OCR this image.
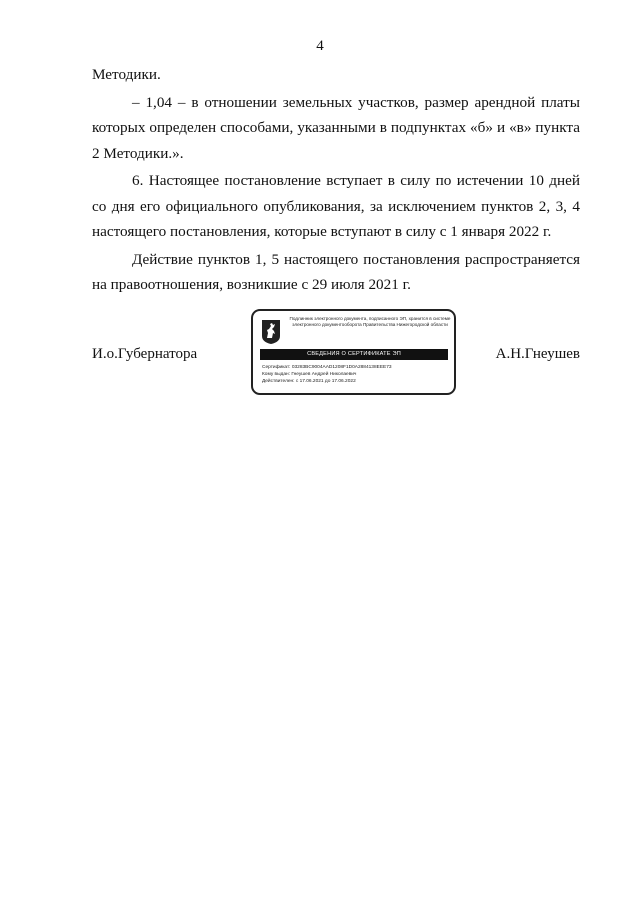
4

Методики.

– 1,04 – в отношении земельных участков, размер арендной платы которых определен способами, указанными в подпунктах «б» и «в» пункта 2 Методики.».

6. Настоящее постановление вступает в силу по истечении 10 дней со дня его официального опубликования, за исключением пунктов 2, 3, 4 настоящего постановления, которые вступают в силу с 1 января 2022 г.

Действие пунктов 1, 5 настоящего постановления распространяется на правоотношения, возникшие с 29 июля 2021 г.

И.о.Губернатора
Подлинник электронного документа, подписанного ЭП, хранится в системе электронного документооборота Правительства Нижегородской области
СВЕДЕНИЯ О СЕРТИФИКАТЕ ЭП
Сертификат: 03283BC9004AAD1208F1D0A2884138EEE73
Кому выдан: Гнеушев Андрей Николаевич
Действителен: с 17.06.2021 до 17.06.2022
А.Н.Гнеушев
